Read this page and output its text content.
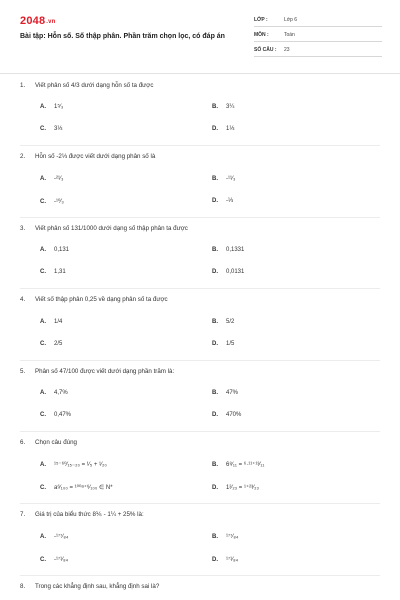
2048.vn
Bài tập: Hỗn số. Số thập phân. Phần trăm chọn lọc, có đáp án
LỚP :	Lớp 6
MÔN :	Toán
SỐ CÂU : 23
1. Viết phân số 4/3 dưới dạng hỗn số ta được
A. 1⁵⁄₃	B. 3¼
C. 3⅓	D. 1⅓
2. Hỗn số -2⅓ được viết dưới dạng phân số là
A. -²¹⁄₃	B. -¹¹⁄₃
C. -¹⁰⁄₃	D. -⅓
3. Viết phân số 131/1000 dưới dạng số thập phân ta được
A. 0,131	B. 0,1331
C. 1,31	D. 0,0131
4. Viết số thập phân 0,25 về dạng phân số ta được
A. 1/4	B. 5/2
C. 2/5	D. 1/5
5. Phân số 47/100 được viết dưới dạng phần trăm là:
A. 4,7%	B. 47%
C. 0,47%	D. 470%
6. Chọn câu đúng
A. ¹⁵⁻⁶⁰⁄₁₅₋₂₀ = ¹⁄₅ + ¹⁄₂₀	B. 6⁸⁄₁₁ = ⁶·¹¹⁺¹³⁄₁₁
C. a⁶⁄₁₀₀ = ¹⁰⁰ᵃ⁺⁶⁄₁₀₀ ∈ N*	D. 1²⁄₂₃ = ¹⁺²³⁄₂₃
7. Giá trị của biểu thức 8⅙ - 1¼ + 25% là:
A. -¹⁷⁷⁄₈₄	B. ¹⁷⁷⁄₈₄
C. -¹⁷¹⁄₈₄	D. ¹⁷¹⁄₈₄
8. Trong các khẳng định sau, khẳng định sai là?
